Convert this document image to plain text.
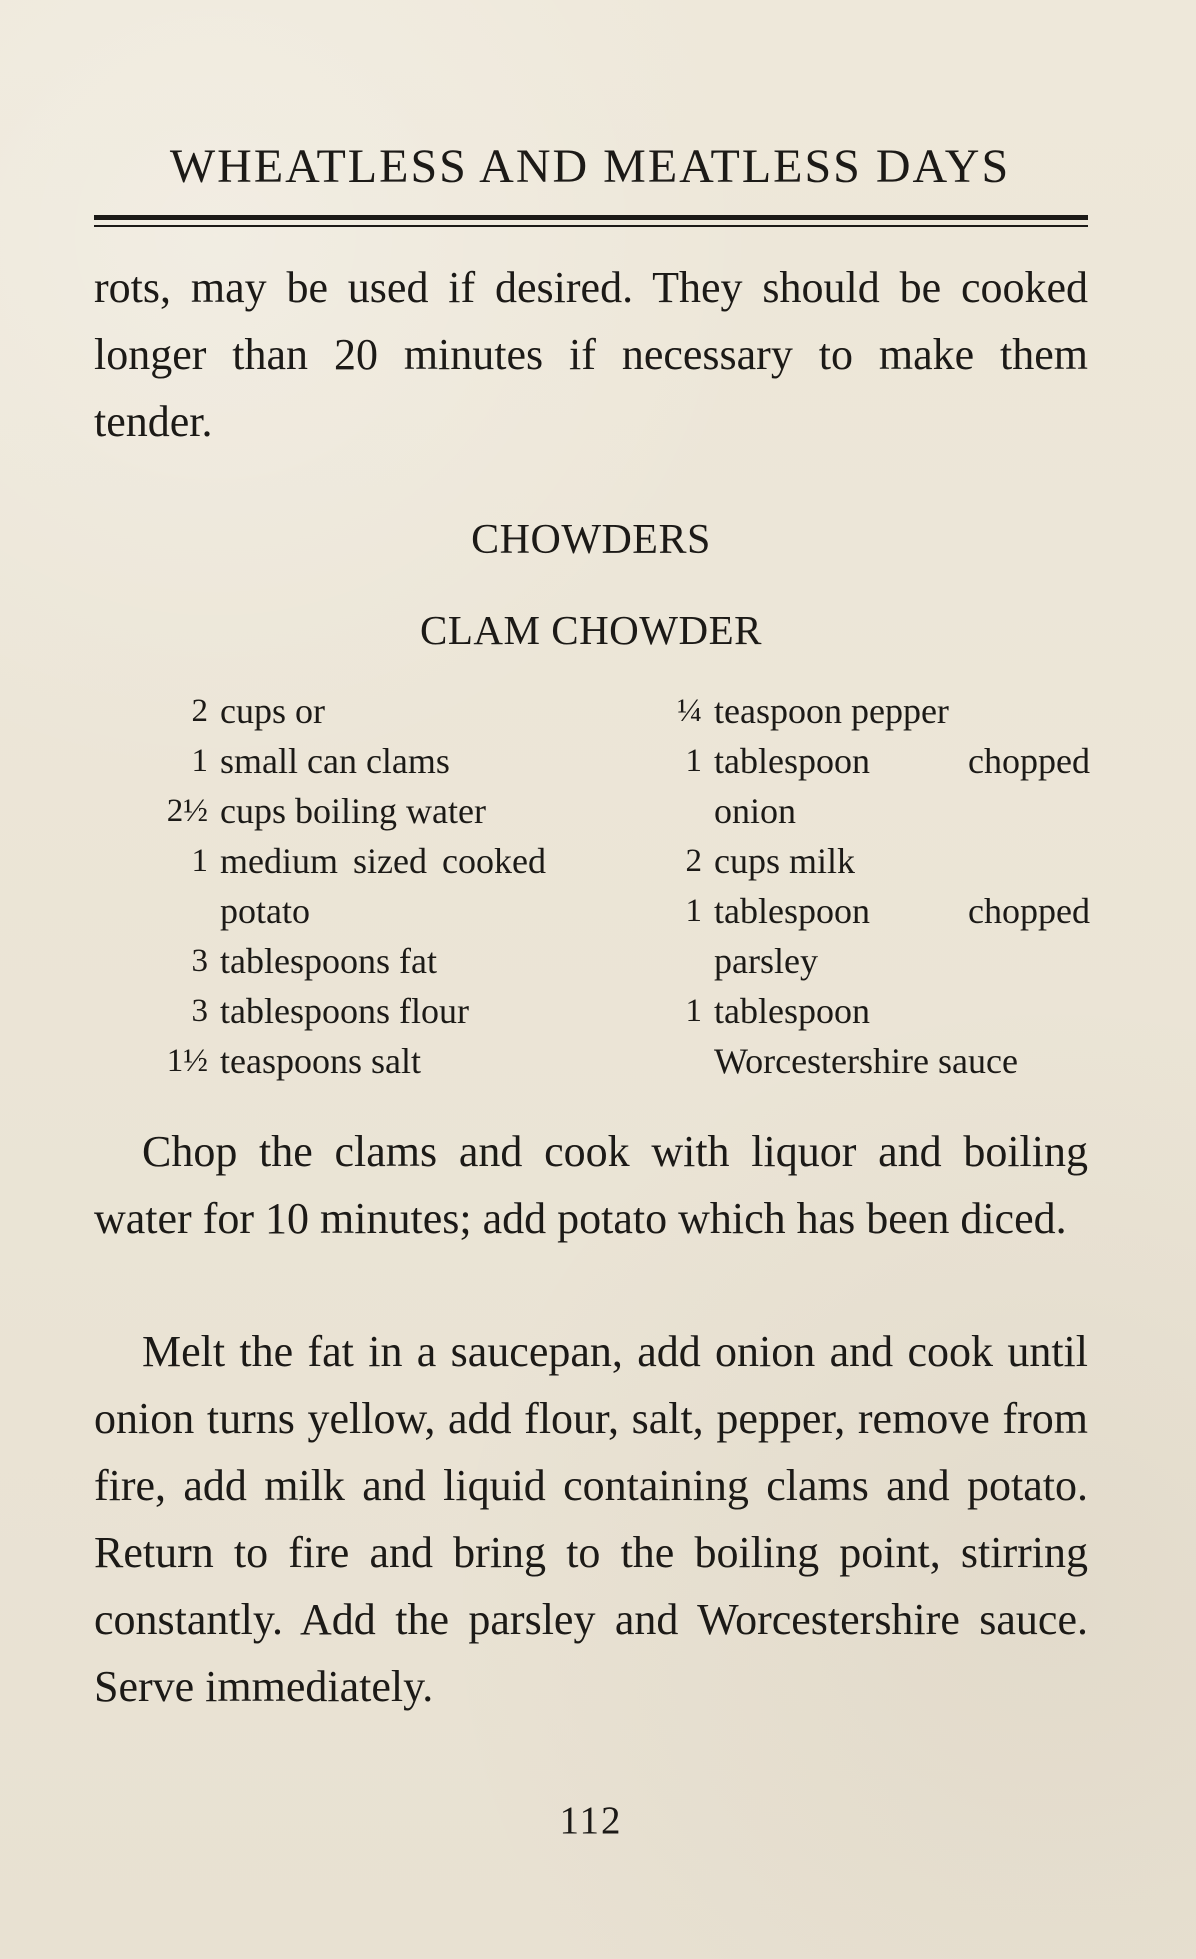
WHEATLESS AND MEATLESS DAYS
rots, may be used if desired. They should be cooked longer than 20 minutes if necessary to make them tender.
CHOWDERS
CLAM CHOWDER
2 cups or
1 small can clams
2½ cups boiling water
1 medium sized cooked potato
3 tablespoons fat
3 tablespoons flour
1½ teaspoons salt
¼ teaspoon pepper
1 tablespoon chopped onion
2 cups milk
1 tablespoon chopped parsley
1 tablespoon Worcestershire sauce
Chop the clams and cook with liquor and boiling water for 10 minutes; add potato which has been diced.
Melt the fat in a saucepan, add onion and cook until onion turns yellow, add flour, salt, pepper, remove from fire, add milk and liquid containing clams and potato. Return to fire and bring to the boiling point, stirring constantly. Add the parsley and Worcestershire sauce. Serve immediately.
112
